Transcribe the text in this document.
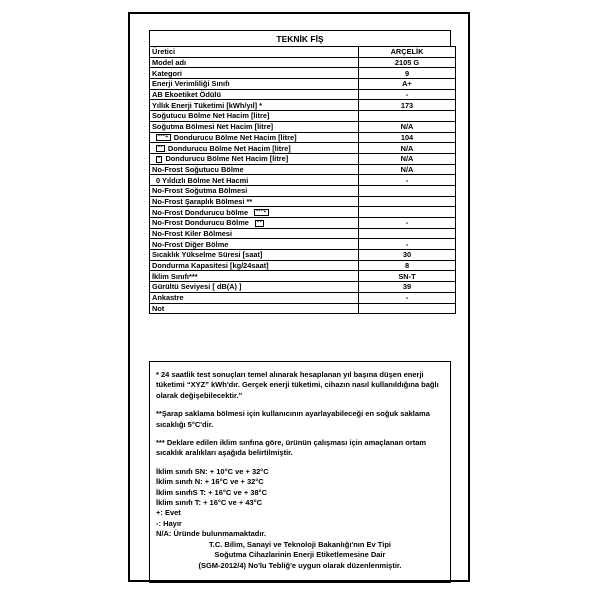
TEKNİK FİŞ
Üretici	ARÇELİK
Model adı	2105 G
Kategori	9
Enerji Verimliliği Sınıfı	A+
AB Ekoetiket Ödülü	-
Yıllık Enerji Tüketimi [kWh/yıl] *	173
Soğutucu Bölme Net Hacim [litre]	
Soğutma Bölmesi Net Hacim [litre]	N/A
***+ Dondurucu Bölme Net Hacim [litre]	104
** Dondurucu Bölme Net Hacim [litre]	N/A
* Dondurucu Bölme Net Hacim [litre]	N/A
No-Frost Soğutucu Bölme	N/A
0 Yıldızlı Bölme Net Hacmi	-
No-Frost Soğutma Bölmesi	
No-Frost Şaraplık Bölmesi **	
No-Frost Dondurucu bölme ***+	
No-Frost Dondurucu Bölme **	-
No-Frost Kiler Bölmesi	
No-Frost Diğer Bölme	-
Sıcaklık Yükselme Süresi [saat]	30
Dondurma Kapasitesi [kg/24saat]	8
İklim Sınıfı***	SN-T
Gürültü Seviyesi [ dB(A) ]	39
Ankastre	-
Not	

* 24 saatlik test sonuçları temel alınarak hesaplanan yıl başına düşen enerji tüketimi “XYZ” kWh'dır. Gerçek enerji tüketimi, cihazın nasıl kullanıldığına bağlı olarak değişebilecektir.”

**Şarap saklama bölmesi için kullanıcının ayarlayabileceği en soğuk saklama sıcaklığı 5°C'dir.

*** Deklare edilen iklim sınfına göre, ürünün çalışması için amaçlanan ortam sıcaklık aralıkları aşağıda belirtilmiştir.

İklim sınıfı SN: + 10°C ve + 32°C

İklim sınıfı N: + 16°C ve + 32°C

İklim sınıfıS T: + 16°C ve + 38°C

İklim sınıfı T: + 16°C ve + 43°C

+: Evet

-: Hayır

N/A: Üründe bulunmamaktadır.

T.C. Bilim, Sanayi ve Teknoloji Bakanlığı'nın Ev Tipi

Soğutma Cihazlarinin Enerji Etiketlemesine Dair

(SGM-2012/4) No'lu Tebliğ'e uygun olarak düzenlenmiştir.
